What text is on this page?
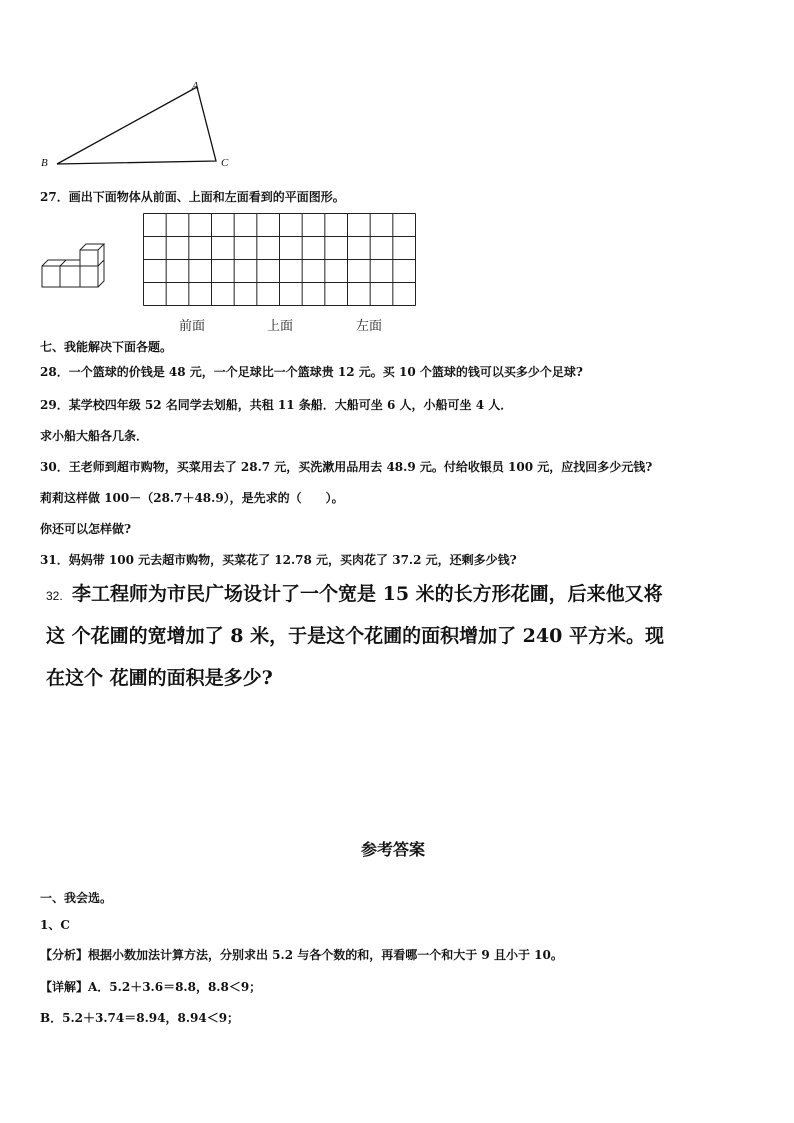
A
B	C
27．画出下面物体从前面、上面和左面看到的平面图形。
前面	上面	左面
七、我能解决下面各题。
28．一个篮球的价钱是 48 元，一个足球比一个篮球贵 12 元。买 10 个篮球的钱可以买多少个足球?
29．某学校四年级 52 名同学去划船，共租 11 条船．大船可坐 6 人，小船可坐 4 人．
求小船大船各几条．
30．王老师到超市购物，买菜用去了 28.7 元，买洗漱用品用去 48.9 元。付给收银员 100 元，应找回多少元钱?
莉莉这样做 100－（28.7＋48.9），是先求的（　　）。
你还可以怎样做?
31．妈妈带 100 元去超市购物，买菜花了 12.78 元，买肉花了 37.2 元，还剩多少钱?
32. 李工程师为市民广场设计了一个宽是 15 米的长方形花圃，后来他又将
这 个花圃的宽增加了 8 米，于是这个花圃的面积增加了 240 平方米。现
在这个 花圃的面积是多少?
参考答案
一、我会选。
1、C
【分析】根据小数加法计算方法，分别求出 5.2 与各个数的和，再看哪一个和大于 9 且小于 10。
【详解】A．5.2＋3.6＝8.8，8.8＜9；
B．5.2＋3.74＝8.94，8.94＜9；
